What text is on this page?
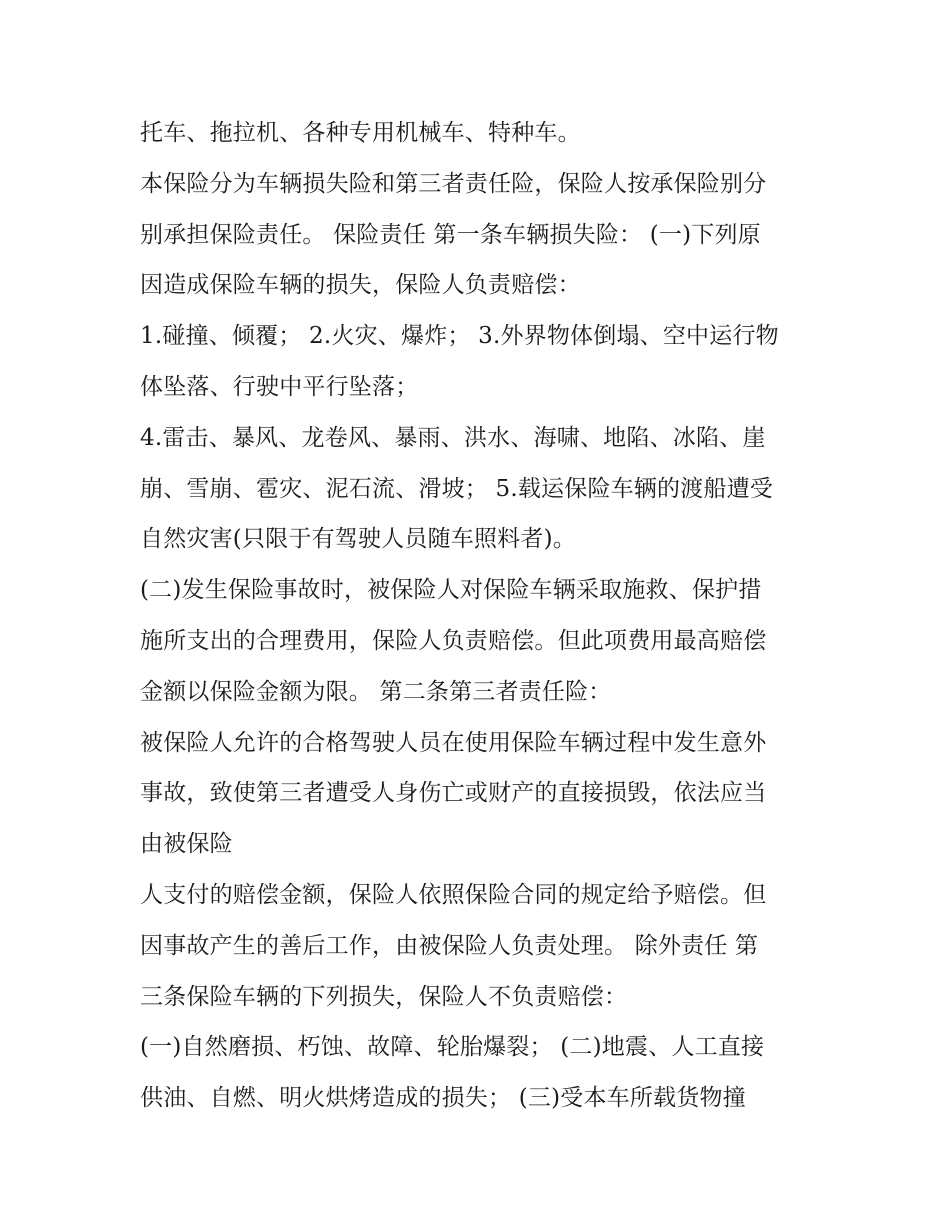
托车、拖拉机、各种专用机械车、特种车。

本保险分为车辆损失险和第三者责任险，保险人按承保险别分
别承担保险责任。 保险责任 第一条车辆损失险： (一)下列原
因造成保险车辆的损失，保险人负责赔偿：

1.碰撞、倾覆； 2.火灾、爆炸； 3.外界物体倒塌、空中运行物
体坠落、行驶中平行坠落；

4.雷击、暴风、龙卷风、暴雨、洪水、海啸、地陷、冰陷、崖
崩、雪崩、雹灾、泥石流、滑坡； 5.载运保险车辆的渡船遭受
自然灾害(只限于有驾驶人员随车照料者)。

(二)发生保险事故时，被保险人对保险车辆采取施救、保护措
施所支出的合理费用，保险人负责赔偿。但此项费用最高赔偿
金额以保险金额为限。 第二条第三者责任险：

被保险人允许的合格驾驶人员在使用保险车辆过程中发生意外
事故，致使第三者遭受人身伤亡或财产的直接损毁，依法应当
由被保险

人支付的赔偿金额，保险人依照保险合同的规定给予赔偿。但
因事故产生的善后工作，由被保险人负责处理。 除外责任 第
三条保险车辆的下列损失，保险人不负责赔偿：

(一)自然磨损、朽蚀、故障、轮胎爆裂； (二)地震、人工直接
供油、自燃、明火烘烤造成的损失； (三)受本车所载货物撞
